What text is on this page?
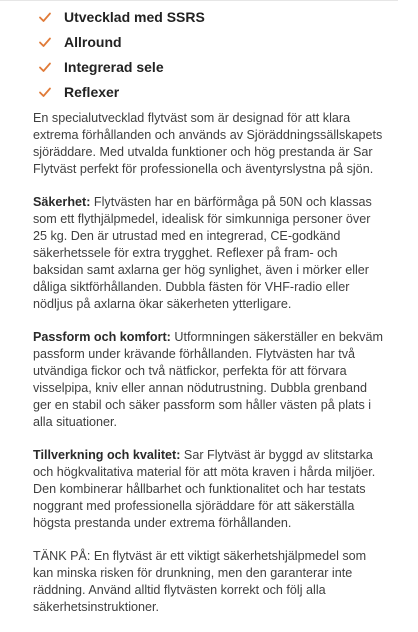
Utvecklad med SSRS
Allround
Integrerad sele
Reflexer

En specialutvecklad flytväst som är designad för att klara extrema förhållanden och används av Sjöräddningssällskapets sjöräddare. Med utvalda funktioner och hög prestanda är Sar Flytväst perfekt för professionella och äventyrslystna på sjön.

Säkerhet: Flytvästen har en bärförmåga på 50N och klassas som ett flythjälpmedel, idealisk för simkunniga personer över 25 kg. Den är utrustad med en integrerad, CE-godkänd säkerhetssele för extra trygghet. Reflexer på fram- och baksidan samt axlarna ger hög synlighet, även i mörker eller dåliga siktförhållanden. Dubbla fästen för VHF-radio eller nödljus på axlarna ökar säkerheten ytterligare.

Passform och komfort: Utformningen säkerställer en bekväm passform under krävande förhållanden. Flytvästen har två utvändiga fickor och två nätfickor, perfekta för att förvara visselpipa, kniv eller annan nödutrustning. Dubbla grenband ger en stabil och säker passform som håller västen på plats i alla situationer.

Tillverkning och kvalitet: Sar Flytväst är byggd av slitstarka och högkvalitativa material för att möta kraven i hårda miljöer. Den kombinerar hållbarhet och funktionalitet och har testats noggrant med professionella sjöräddare för att säkerställa högsta prestanda under extrema förhållanden.

TÄNK PÅ: En flytväst är ett viktigt säkerhetshjälpmedel som kan minska risken för drunkning, men den garanterar inte räddning. Använd alltid flytvästen korrekt och följ alla säkerhetsinstruktioner.
